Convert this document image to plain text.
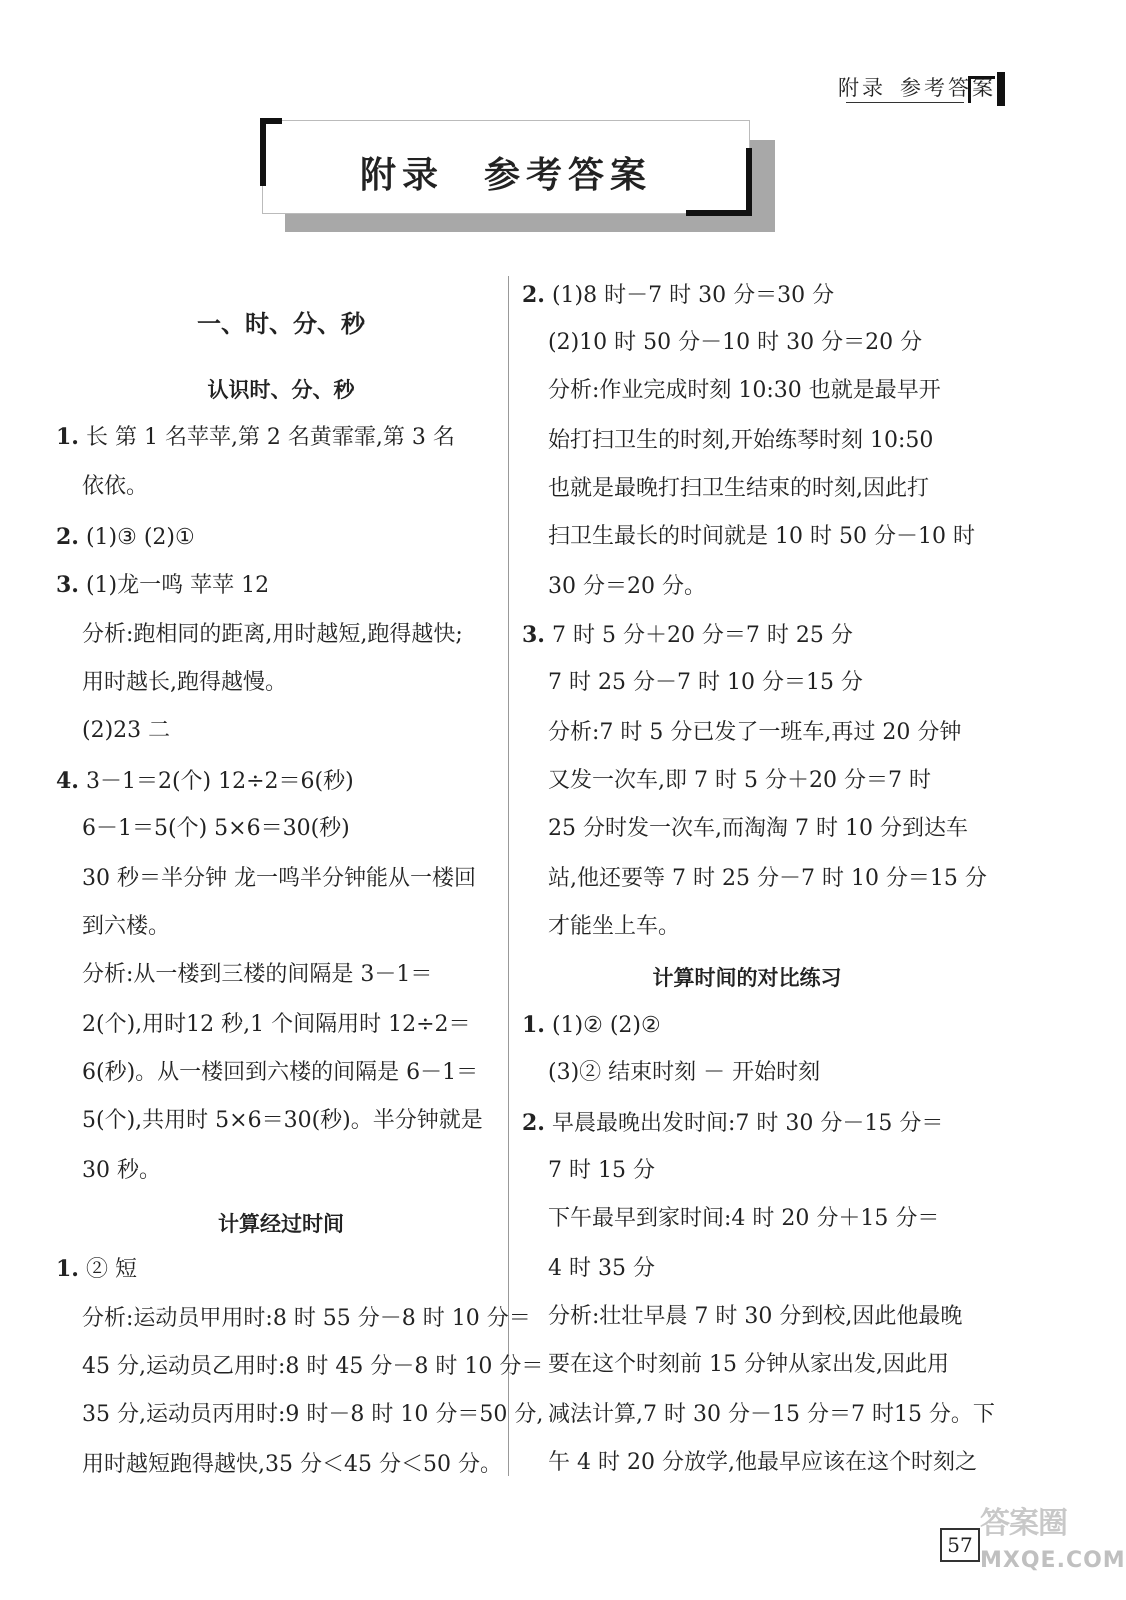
附录 参考答案
附录 参考答案
一、时、分、秒
认识时、分、秒
1. 长 第 1 名苹苹,第 2 名黄霏霏,第 3 名
依依。
2. (1)③ (2)①
3. (1)龙一鸣 苹苹 12
分析:跑相同的距离,用时越短,跑得越快;
用时越长,跑得越慢。
(2)23 二
4. 3－1＝2(个) 12÷2＝6(秒)
6－1＝5(个) 5×6＝30(秒)
30 秒＝半分钟 龙一鸣半分钟能从一楼回
到六楼。
分析:从一楼到三楼的间隔是 3－1＝
2(个),用时12 秒,1 个间隔用时 12÷2＝
6(秒)。从一楼回到六楼的间隔是 6－1＝
5(个),共用时 5×6＝30(秒)。半分钟就是
30 秒。
计算经过时间
1. ② 短
分析:运动员甲用时:8 时 55 分－8 时 10 分＝
45 分,运动员乙用时:8 时 45 分－8 时 10 分＝
35 分,运动员丙用时:9 时－8 时 10 分＝50 分,
用时越短跑得越快,35 分＜45 分＜50 分。
2. (1)8 时－7 时 30 分＝30 分
(2)10 时 50 分－10 时 30 分＝20 分
分析:作业完成时刻 10:30 也就是最早开
始打扫卫生的时刻,开始练琴时刻 10:50
也就是最晚打扫卫生结束的时刻,因此打
扫卫生最长的时间就是 10 时 50 分－10 时
30 分＝20 分。
3. 7 时 5 分＋20 分＝7 时 25 分
7 时 25 分－7 时 10 分＝15 分
分析:7 时 5 分已发了一班车,再过 20 分钟
又发一次车,即 7 时 5 分＋20 分＝7 时
25 分时发一次车,而淘淘 7 时 10 分到达车
站,他还要等 7 时 25 分－7 时 10 分＝15 分
才能坐上车。
计算时间的对比练习
1. (1)② (2)②
(3)② 结束时刻 － 开始时刻
2. 早晨最晚出发时间:7 时 30 分－15 分＝
7 时 15 分
下午最早到家时间:4 时 20 分＋15 分＝
4 时 35 分
分析:壮壮早晨 7 时 30 分到校,因此他最晚
要在这个时刻前 15 分钟从家出发,因此用
减法计算,7 时 30 分－15 分＝7 时15 分。下
午 4 时 20 分放学,他最早应该在这个时刻之
57
答案圈
MXQE.COM
